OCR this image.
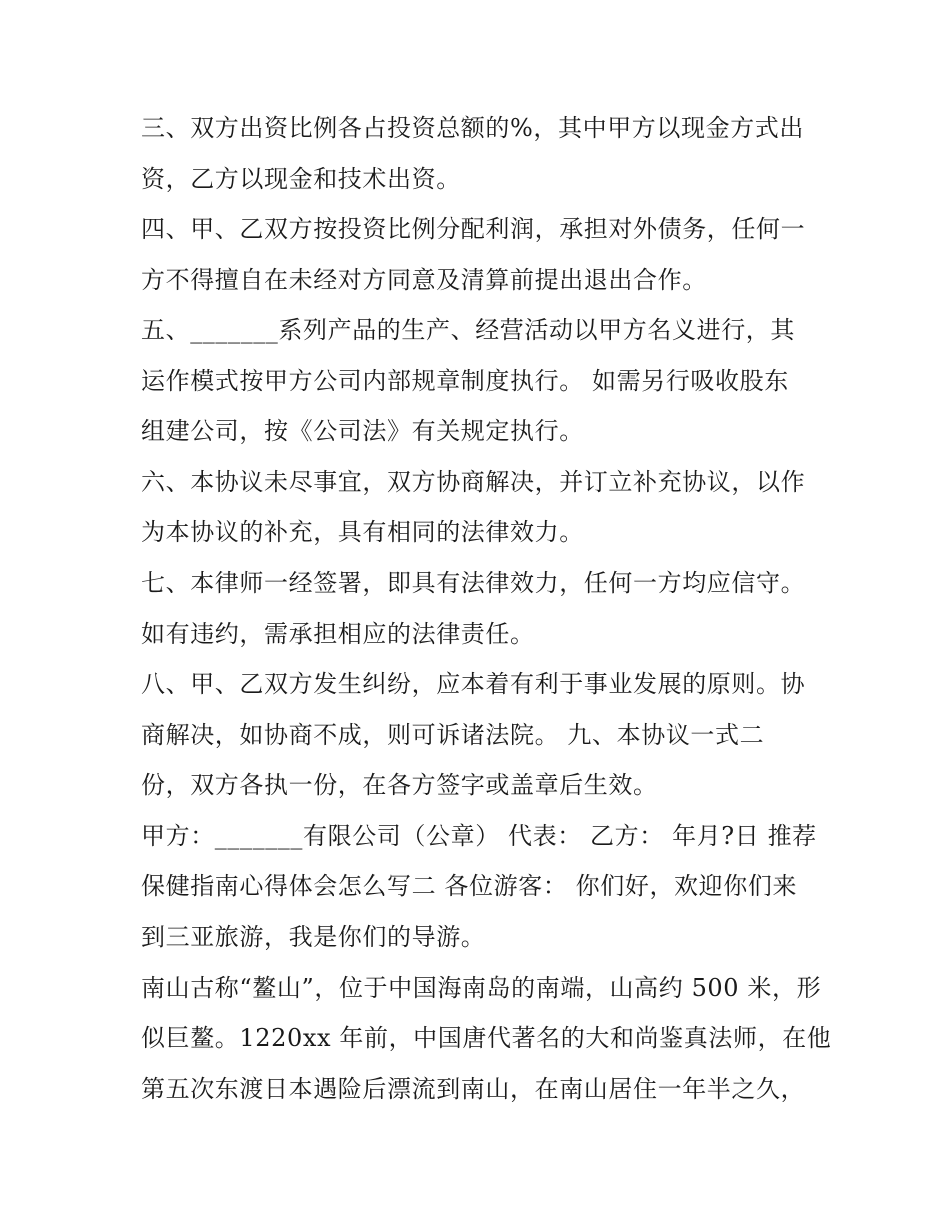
三、双方出资比例各占投资总额的%，其中甲方以现金方式出
资，乙方以现金和技术出资。
四、甲、乙双方按投资比例分配利润，承担对外债务，任何一
方不得擅自在未经对方同意及清算前提出退出合作。
五、_______系列产品的生产、经营活动以甲方名义进行，其
运作模式按甲方公司内部规章制度执行。 如需另行吸收股东
组建公司，按《公司法》有关规定执行。
六、本协议未尽事宜，双方协商解决，并订立补充协议，以作
为本协议的补充，具有相同的法律效力。
七、本律师一经签署，即具有法律效力，任何一方均应信守。
如有违约，需承担相应的法律责任。
八、甲、乙双方发生纠纷，应本着有利于事业发展的原则。协
商解决，如协商不成，则可诉诸法院。 九、本协议一式二
份，双方各执一份，在各方签字或盖章后生效。
甲方：_______有限公司（公章） 代表： 乙方： 年月?日 推荐
保健指南心得体会怎么写二 各位游客： 你们好，欢迎你们来
到三亚旅游，我是你们的导游。
南山古称“鳌山”，位于中国海南岛的南端，山高约 500 米，形
似巨鳌。1220xx 年前，中国唐代著名的大和尚鉴真法师，在他
第五次东渡日本遇险后漂流到南山，在南山居住一年半之久，
